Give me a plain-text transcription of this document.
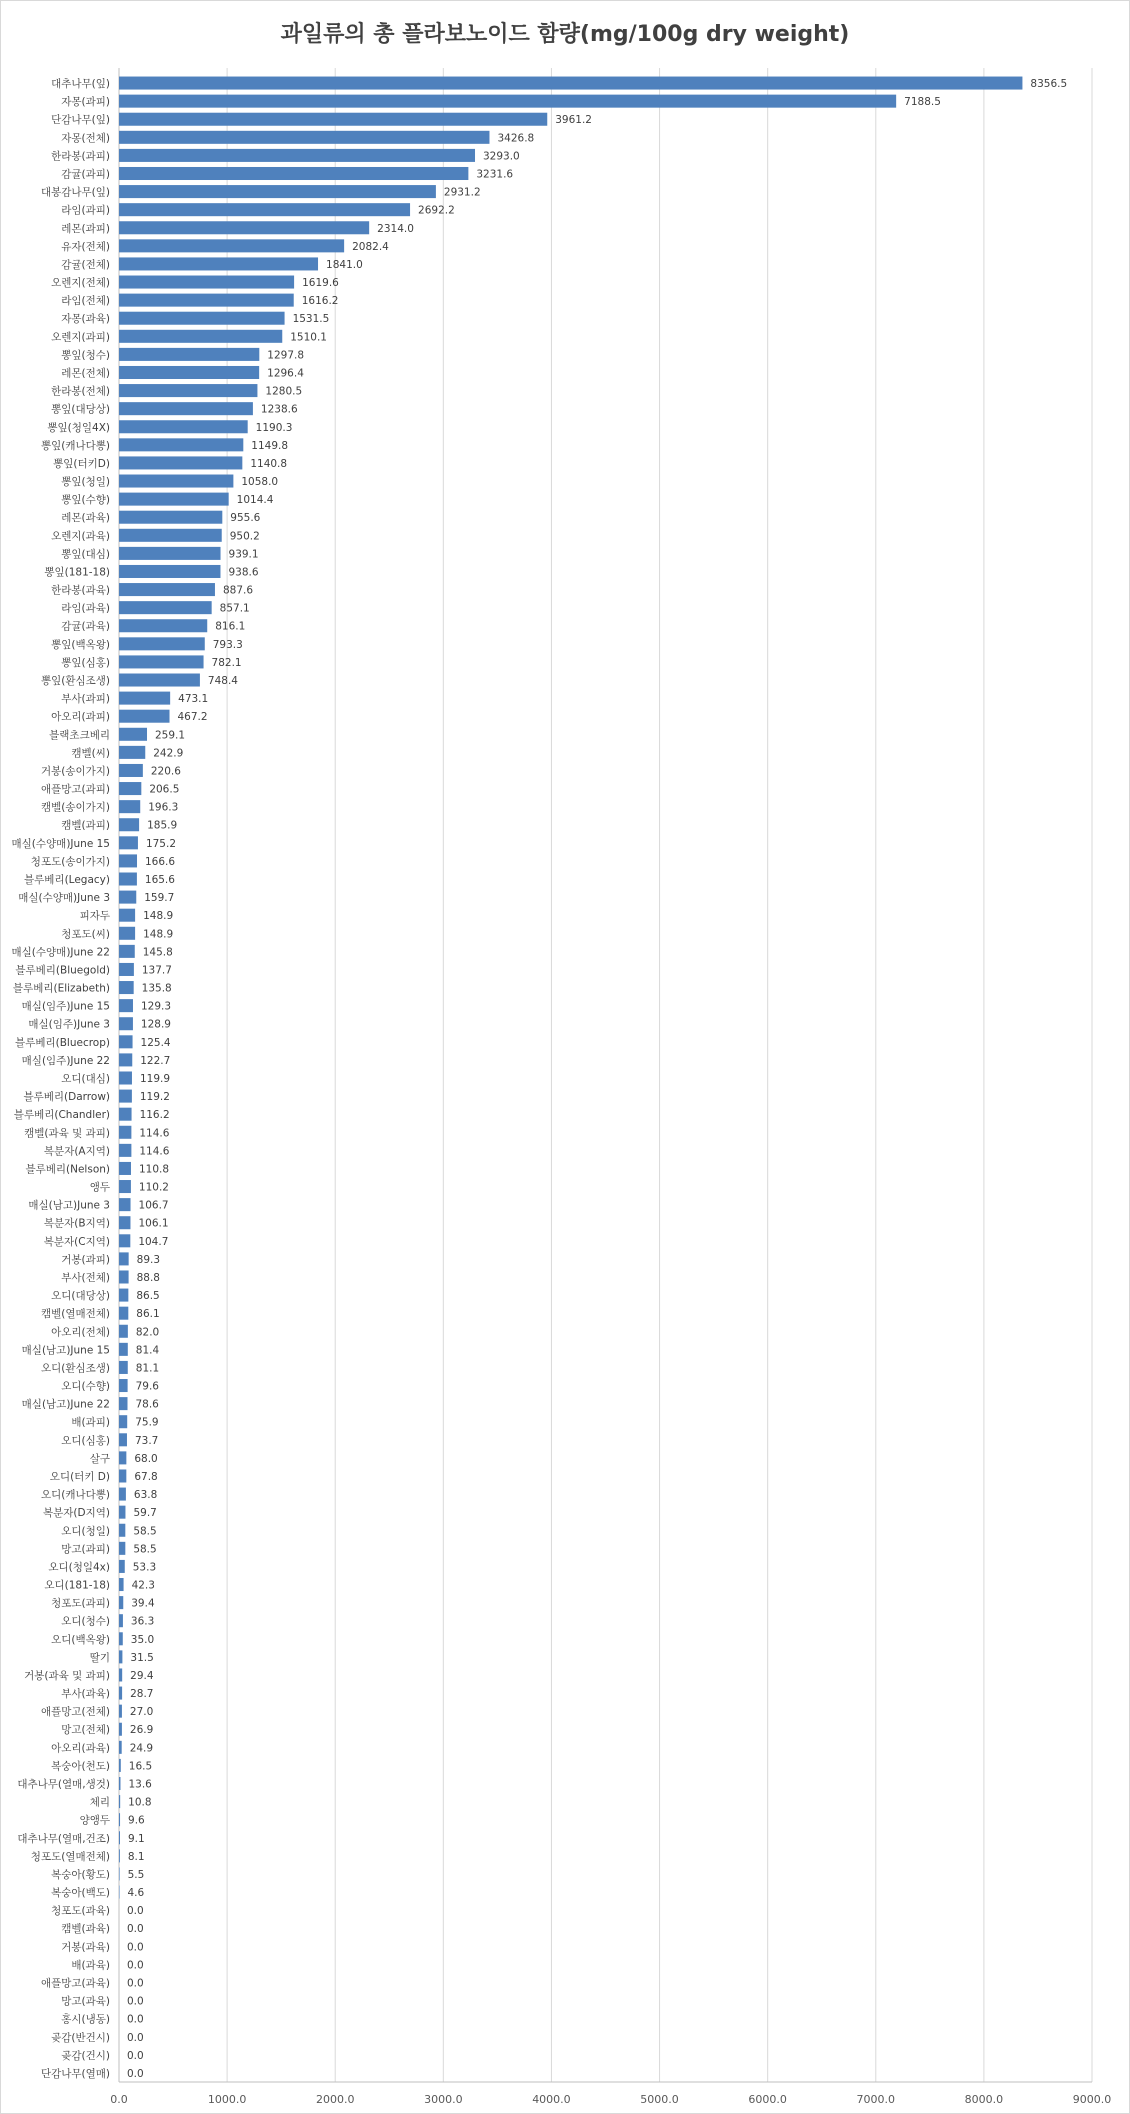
과일류의 총 플라보노이드 함량(mg/100g dry weight)
0.0	1000.0	2000.0	3000.0	4000.0	5000.0	6000.0	7000.0	8000.0	9000.0
대추나무(잎)	8356.5
자몽(과피)	7188.5
단감나무(잎)	3961.2
자몽(전체)	3426.8
한라봉(과피)	3293.0
감귤(과피)	3231.6
대봉감나무(잎)	2931.2
라임(과피)	2692.2
레몬(과피)	2314.0
유자(전체)	2082.4
감귤(전체)	1841.0
오렌지(전체)	1619.6
라임(전체)	1616.2
자몽(과육)	1531.5
오렌지(과피)	1510.1
뽕잎(청수)	1297.8
레몬(전체)	1296.4
한라봉(전체)	1280.5
뽕잎(대당상)	1238.6
뽕잎(청일4X)	1190.3
뽕잎(캐나다뽕)	1149.8
뽕잎(터키D)	1140.8
뽕잎(청일)	1058.0
뽕잎(수향)	1014.4
레몬(과육)	955.6
오렌지(과육)	950.2
뽕잎(대심)	939.1
뽕잎(181-18)	938.6
한라봉(과육)	887.6
라임(과육)	857.1
감귤(과육)	816.1
뽕잎(백옥왕)	793.3
뽕잎(심홍)	782.1
뽕잎(환심조생)	748.4
부사(과피)	473.1
아오리(과피)	467.2
블랙초크베리	259.1
캠벨(씨)	242.9
거봉(송이가지)	220.6
애플망고(과피)	206.5
캠벨(송이가지)	196.3
캠벨(과피)	185.9
매실(수양매)June 15	175.2
청포도(송이가지)	166.6
블루베리(Legacy)	165.6
매실(수양매)June 3	159.7
피자두	148.9
청포도(씨)	148.9
매실(수양매)June 22	145.8
블루베리(Bluegold)	137.7
블루베리(Elizabeth)	135.8
매실(임주)June 15	129.3
매실(임주)June 3	128.9
블루베리(Bluecrop)	125.4
매실(임주)June 22	122.7
오디(대심)	119.9
블루베리(Darrow)	119.2
블루베리(Chandler)	116.2
캠벨(과육 및 과피)	114.6
복분자(A지역)	114.6
블루베리(Nelson)	110.8
앵두	110.2
매실(남고)June 3	106.7
복분자(B지역)	106.1
복분자(C지역)	104.7
거봉(과피)	89.3
부사(전체)	88.8
오디(대당상)	86.5
캠벨(열매전체)	86.1
아오리(전체) 82.0
매실(남고)June 15 81.4
오디(환심조생) 81.1
오디(수향) 79.6
매실(남고)June 22 78.6
배(과피) 75.9
오디(심홍) 73.7
살구 68.0
오디(터키 D) 67.8
오디(캐나다뽕) 63.8
복분자(D지역) 59.7
오디(청일) 58.5
망고(과피) 58.5
오디(청일4x) 53.3
오디(181-18) 42.3
청포도(과피) 39.4
오디(청수) 36.3
오디(백옥왕) 35.0
딸기 31.5
거봉(과육 및 과피) 29.4
부사(과육) 28.7
애플망고(전체) 27.0
망고(전체) 26.9
아오리(과육) 24.9
복숭아(천도) 16.5
대추나무(열매,생것) 13.6
체리 10.8
양앵두 9.6
대추나무(열매,건조) 9.1
청포도(열매전체) 8.1
복숭아(황도) 5.5
복숭아(백도) 4.6
청포도(과육) 0.0
캠벨(과육) 0.0
거봉(과육) 0.0
배(과육) 0.0
애플망고(과육) 0.0
망고(과육) 0.0
홍시(냉동) 0.0
곶감(반건시) 0.0
곶감(건시) 0.0
단감나무(열매) 0.0
